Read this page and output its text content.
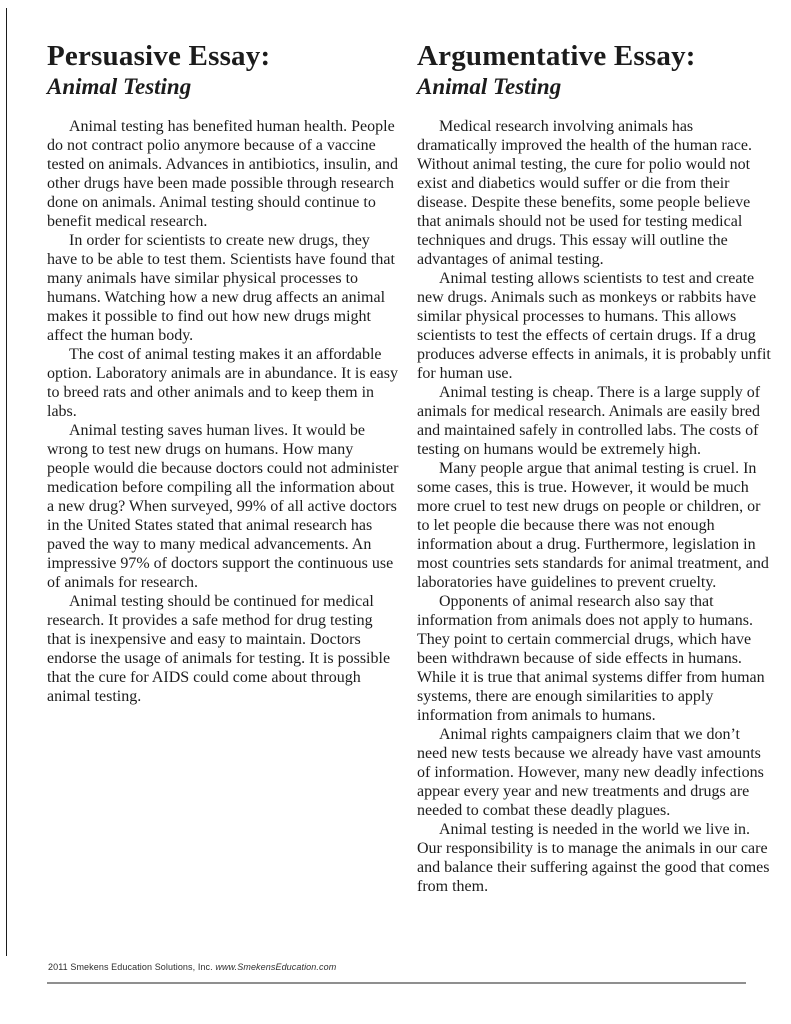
Persuasive Essay:
Animal Testing

Animal testing has benefited human health. People do not contract polio anymore because of a vaccine tested on animals. Advances in antibiotics, insulin, and other drugs have been made possible through research done on animals. Animal testing should continue to benefit medical research.

In order for scientists to create new drugs, they have to be able to test them. Scientists have found that many animals have similar physical processes to humans. Watching how a new drug affects an animal makes it possible to find out how new drugs might affect the human body.

The cost of animal testing makes it an affordable option. Laboratory animals are in abundance. It is easy to breed rats and other animals and to keep them in labs.

Animal testing saves human lives. It would be wrong to test new drugs on humans. How many people would die because doctors could not administer medication before compiling all the information about a new drug? When surveyed, 99% of all active doctors in the United States stated that animal research has paved the way to many medical advancements. An impressive 97% of doctors support the continuous use of animals for research.

Animal testing should be continued for medical research. It provides a safe method for drug testing that is inexpensive and easy to maintain. Doctors endorse the usage of animals for testing. It is possible that the cure for AIDS could come about through animal testing.

Argumentative Essay:
Animal Testing

Medical research involving animals has dramatically improved the health of the human race. Without animal testing, the cure for polio would not exist and diabetics would suffer or die from their disease. Despite these benefits, some people believe that animals should not be used for testing medical techniques and drugs. This essay will outline the advantages of animal testing.

Animal testing allows scientists to test and create new drugs. Animals such as monkeys or rabbits have similar physical processes to humans. This allows scientists to test the effects of certain drugs. If a drug produces adverse effects in animals, it is probably unfit for human use.

Animal testing is cheap. There is a large supply of animals for medical research. Animals are easily bred and maintained safely in controlled labs. The costs of testing on humans would be extremely high.

Many people argue that animal testing is cruel. In some cases, this is true. However, it would be much more cruel to test new drugs on people or children, or to let people die because there was not enough information about a drug. Furthermore, legislation in most countries sets standards for animal treatment, and laboratories have guidelines to prevent cruelty.

Opponents of animal research also say that information from animals does not apply to humans. They point to certain commercial drugs, which have been withdrawn because of side effects in humans. While it is true that animal systems differ from human systems, there are enough similarities to apply information from animals to humans.

Animal rights campaigners claim that we don’t need new tests because we already have vast amounts of information. However, many new deadly infections appear every year and new treatments and drugs are needed to combat these deadly plagues.

Animal testing is needed in the world we live in. Our responsibility is to manage the animals in our care and balance their suffering against the good that comes from them.

2011 Smekens Education Solutions, Inc. www.SmekensEducation.com
